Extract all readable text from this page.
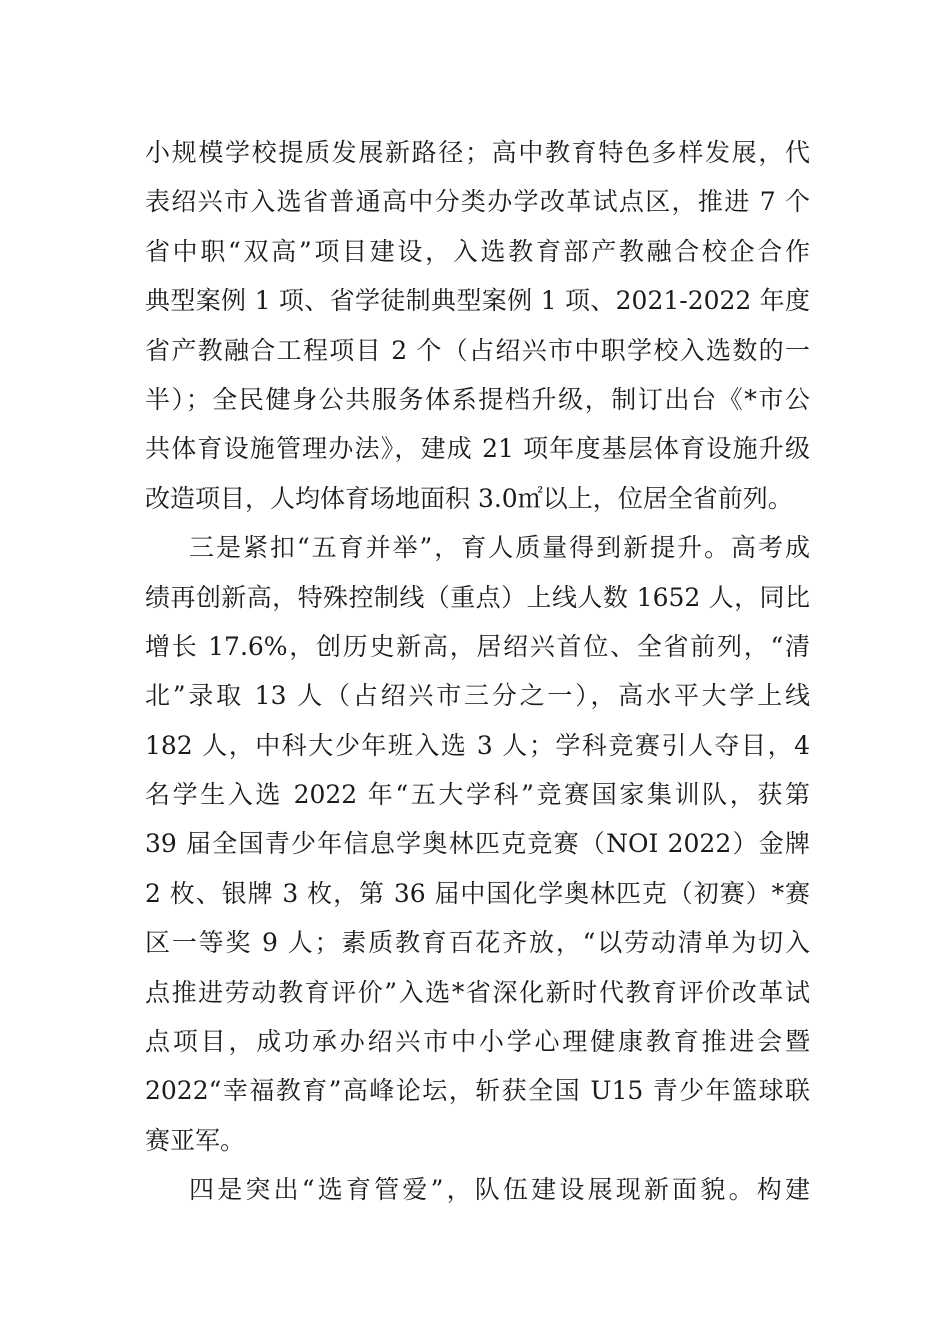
小规模学校提质发展新路径；高中教育特色多样发展，代
表绍兴市入选省普通高中分类办学改革试点区，推进 7 个
省中职“双高”项目建设，入选教育部产教融合校企合作
典型案例 1 项、省学徒制典型案例 1 项、2021-2022 年度
省产教融合工程项目 2 个（占绍兴市中职学校入选数的一
半）；全民健身公共服务体系提档升级，制订出台《*市公
共体育设施管理办法》，建成 21 项年度基层体育设施升级
改造项目，人均体育场地面积 3.0㎡以上，位居全省前列。
三是紧扣“五育并举”，育人质量得到新提升。高考成
绩再创新高，特殊控制线（重点）上线人数 1652 人，同比
增长 17.6%，创历史新高，居绍兴首位、全省前列，“清
北”录取 13 人（占绍兴市三分之一），高水平大学上线
182 人，中科大少年班入选 3 人；学科竞赛引人夺目，4
名学生入选 2022 年“五大学科”竞赛国家集训队，获第
39 届全国青少年信息学奥林匹克竞赛（NOI 2022）金牌
2 枚、银牌 3 枚，第 36 届中国化学奥林匹克（初赛）*赛
区一等奖 9 人；素质教育百花齐放，“以劳动清单为切入
点推进劳动教育评价”入选*省深化新时代教育评价改革试
点项目，成功承办绍兴市中小学心理健康教育推进会暨
2022“幸福教育”高峰论坛，斩获全国 U15 青少年篮球联
赛亚军。
四是突出“选育管爱”，队伍建设展现新面貌。构建
